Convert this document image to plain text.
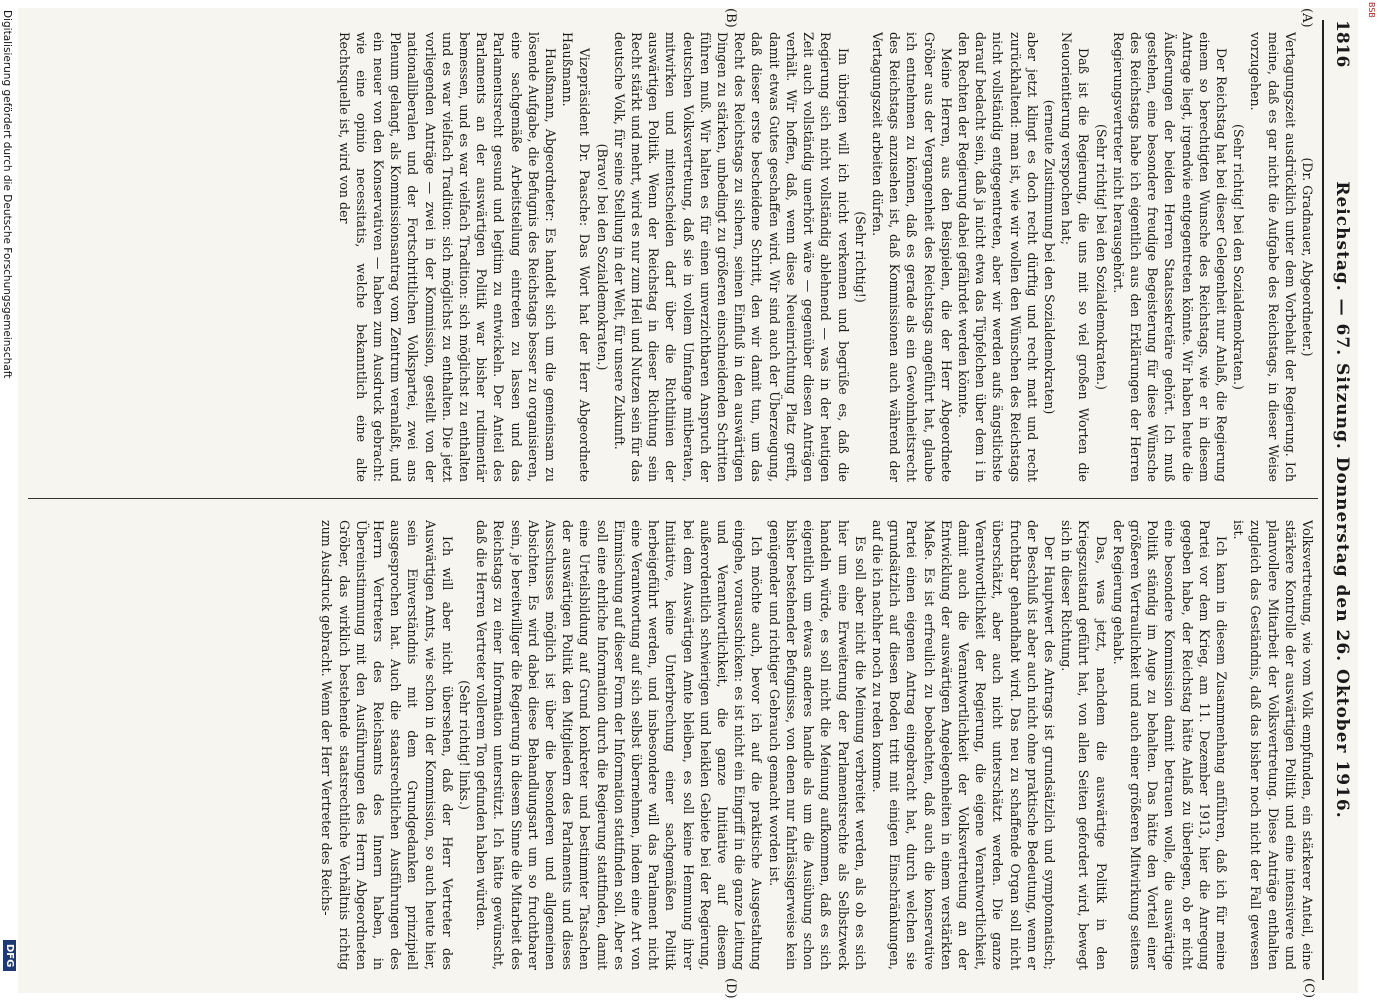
BSB
1816
Reichstag. — 67. Sitzung. Donnerstag den 26. Oktober 1916.
(A)
(B)
(C)
(D)

(Dr. Gradnauer, Abgeordneter.)

Vertagungszeit ausdrücklich unter dem Vorbehalt der Regierung. Ich meine, daß es gar nicht die Aufgabe des Reichstags, in dieser Weise vorzugehen.

(Sehr richtig! bei den Sozialdemokraten.)

Der Reichstag hat bei dieser Gelegenheit nur Anlaß, die Regierung einem so berechtigten Wunsche des Reichstags, wie er in diesem Antrage liegt, irgendwie entgegentreten könnte. Wir haben heute die Äußerungen der beiden Herren Staatssekretäre gehört. Ich muß gestehen, eine besondere freudige Begeisterung für diese Wünsche des Reichstags habe ich eigentlich aus den Erklärungen der Herren Regierungsvertreter nicht herausgehört.

(Sehr richtig! bei den Sozialdemokraten.)

Daß ist die Regierung, die uns mit so viel großen Worten die Neuorientierung verspochen hat;

(erneute Zustimmung bei den Sozialdemokraten)

aber jetzt klingt es doch recht dürftig und recht matt und recht zurückhaltend: man ist, wie wir wollen den Wünschen des Reichstags nicht vollständig entgegentreten, aber wir werden aufs ängstlichste darauf bedacht sein, daß ja nicht etwa das Tüpfelchen über dem i in den Rechten der Regierung dabei gefährdet werden könnte.

Meine Herren, aus den Beispielen, die der Herr Abgeordnete Gröber aus der Vergangenheit des Reichstags angeführt hat, glaube ich entnehmen zu können, daß es gerade als ein Gewohnheitsrecht des Reichstags anzusehen ist, daß Kommissionen auch während der Vertagungszeit arbeiten dürfen.

(Sehr richtig!)

Im übrigen will ich nicht verkennen und begrüße es, daß die Regierung sich nicht vollständig ablehnend — was in der heutigen Zeit auch vollständig unerhört wäre — gegenüber diesen Anträgen verhält. Wir hoffen, daß, wenn diese Neueinrichtung Platz greift, damit etwas Gutes geschaffen wird. Wir sind auch der Überzeugung, daß dieser erste bescheidene Schritt, den wir damit tun, um das Recht des Reichstags zu sichern, seinen Einfluß in den auswärtigen Dingen zu stärken, unbedingt zu größeren einschneidenden Schritten führen muß. Wir halten es für einen unverzichtbaren Anspruch der deutschen Volksvertretung, daß sie in vollem Umfange mitberaten, mitwirken und mitentscheiden darf über die Richtlinien der auswärtigen Politik. Wenn der Reichstag in dieser Richtung sein Recht stärkt und mehrt, wird es nur zum Heil und Nutzen sein für das deutsche Volk, für seine Stellung in der Welt, für unsere Zukunft.

(Bravo! bei den Sozialdemokraten.)

Vizepräsident Dr. Paasche: Das Wort hat der Herr Abgeordnete Haußmann.

Haußmann, Abgeordneter: Es handelt sich um die gemeinsam zu lösende Aufgabe, die Befugnis des Reichstags besser zu organisieren, eine sachgemäße Arbeitsteilung eintreten zu lassen und das Parlamentsrecht gesund und legitim zu entwickeln. Der Anteil des Parlaments an der auswärtigen Politik war bisher rudimentär bemessen, und es war vielfach Tradition: sich möglichst zu enthalten und es war vielfach Tradition: sich möglichst zu enthalten. Die jetzt vorliegenden Anträge — zwei in der Kommission, gestellt von der nationalliberalen und der Fortschrittlichen Volkspartei, zwei ans Plenum gelangt, als Kommissionsantrag vom Zentrum veranlaßt, und ein neuer von den Konservativen — haben zum Ausdruck gebracht: wie eine opinio necessitatis, welche bekanntlich eine alte Rechtsquelle ist, wird von der

Volksvertretung, wie vom Volk empfunden, ein stärkerer Anteil, eine stärkere Kontrolle der auswärtigen Politik und eine intensivere und planvollere Mitarbeit der Volksvertretung. Diese Anträge enthalten zugleich das Geständnis, daß das bisher noch nicht der Fall gewesen ist.

Ich kann in diesem Zusammenhang anführen, daß ich für meine Partei vor dem Krieg, am 11. Dezember 1913, hier die Anregung gegeben habe, der Reichstag hätte Anlaß zu überlegen, ob er nicht eine besondere Kommission damit betrauen wolle, die auswärtige Politik ständig im Auge zu behalten. Das hätte den Vorteil einer größeren Vertraulichkeit und auch einer größeren Mitwirkung seitens der Regierung gehabt.

Das, was jetzt, nachdem die auswärtige Politik in den Kriegszustand geführt hat, von allen Seiten gefordert wird, bewegt sich in dieser Richtung.

Der Hauptwert des Antrags ist grundsätzlich und symptomatisch; der Beschluß ist aber auch nicht ohne praktische Bedeutung, wenn er fruchtbar gehandhabt wird. Das neu zu schaffende Organ soll nicht überschätzt, aber auch nicht unterschätzt werden. Die ganze Verantwortlichkeit der Regierung, die eigene Verantwortlichkeit, damit auch die Verantwortlichkeit der Volksvertretung an der Entwicklung der auswärtigen Angelegenheiten in einem verstärkten Maße. Es ist erfreulich zu beobachten, daß auch die konservative Partei einen eigenen Antrag eingebracht hat, durch welchen sie grundsätzlich auf diesen Boden tritt mit einigen Einschränkungen, auf die ich nachher noch zu reden komme.

Es soll aber nicht die Meinung verbreitet werden, als ob es sich hier um eine Erweiterung der Parlamentsrechte als Selbstzweck handeln würde, es soll nicht die Meinung aufkommen, daß es sich eigentlich um etwas anderes handle als um die Ausübung schon bisher bestehender Befugnisse, von denen nur fahrlässigerweise kein genügender und richtiger Gebrauch gemacht worden ist.

Ich möchte auch, bevor ich auf die praktische Ausgestaltung eingehe, vorausschicken: es ist nicht ein Eingriff in die ganze Leitung und Verantwortlichkeit, die ganze Initiative auf diesem außerordentlich schwierigen und heiklen Gebiete bei der Regierung, bei dem Auswärtigen Amte bleiben, es soll keine Hemmung ihrer Initiative, keine Unterbrechung einer sachgemäßen Politik herbeigeführt werden, und insbesondere will das Parlament nicht eine Verantwortung auf sich selbst übernehmen, indem eine Art von Einmischung auf dieser Form der Information stattfinden soll. Aber es soll eine ehrliche Information durch die Regierung stattfinden, damit eine Urteilsbildung auf Grund konkreter und bestimmter Tatsachen der auswärtigen Politik den Mitgliedern des Parlaments und dieses Ausschusses möglich ist über die besonderen und allgemeinen Absichten. Es wird dabei diese Behandlungsart um so fruchtbarer sein, je bereitwilliger die Regierung in diesem Sinne die Mitarbeit des Reichstags zu einer Information unterstützt. Ich hätte gewünscht, daß die Herren Vertreter vollerem Ton gefunden haben würden.

(Sehr richtig! links.)

Ich will aber nicht übersehen, daß der Herr Vertreter des Auswärtigen Amts, wie schon in der Kommission, so auch heute hier, sein Einverständnis mit dem Grundgedanken prinzipiell ausgesprochen hat. Auch die staatsrechtlichen Ausführungen des Herrn Vertreters des Reichsamts des Innern haben, in Übereinstimmung mit den Ausführungen des Herrn Abgeordneten Gröber, das wirklich bestehende staatsrechtliche Verhältnis richtig zum Ausdruck gebracht. Wenn der Herr Vertreter des Reichs-

Digitalisierung gefördert durch die Deutsche Forschungsgemeinschaft
DFG
